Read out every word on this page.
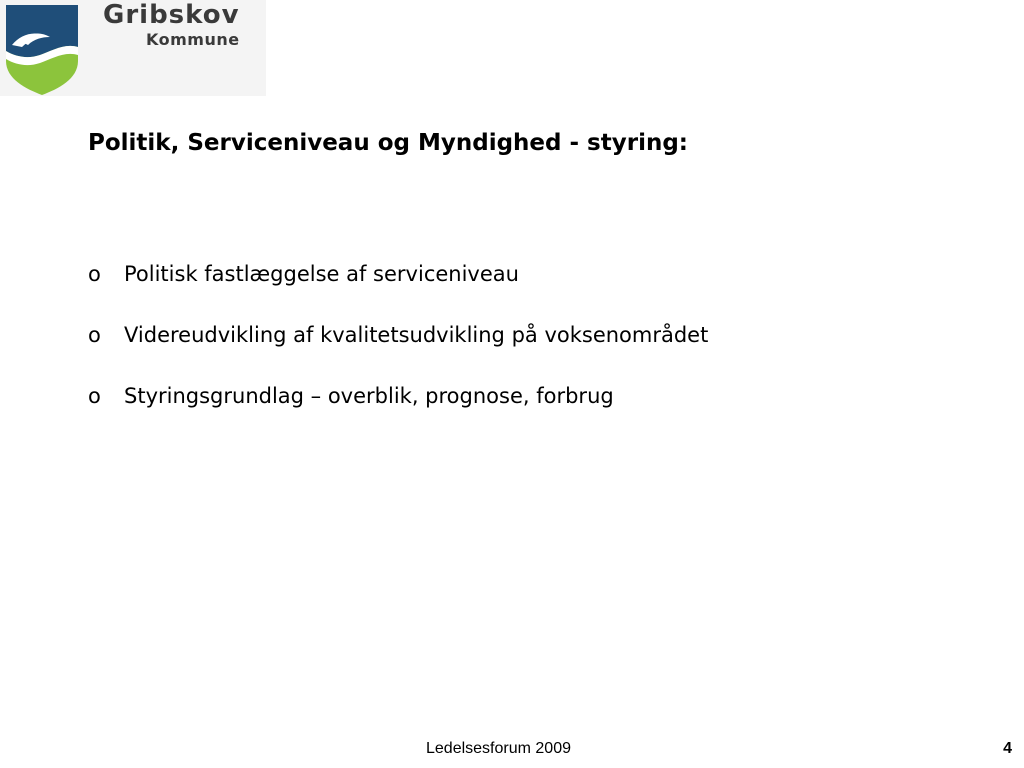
Gribskov
Kommune
Politik, Serviceniveau og Myndighed - styring:
o Politisk fastlæggelse af serviceniveau
o Videreudvikling af kvalitetsudvikling på voksenområdet
o Styringsgrundlag – overblik, prognose, forbrug
Ledelsesforum 2009	4
